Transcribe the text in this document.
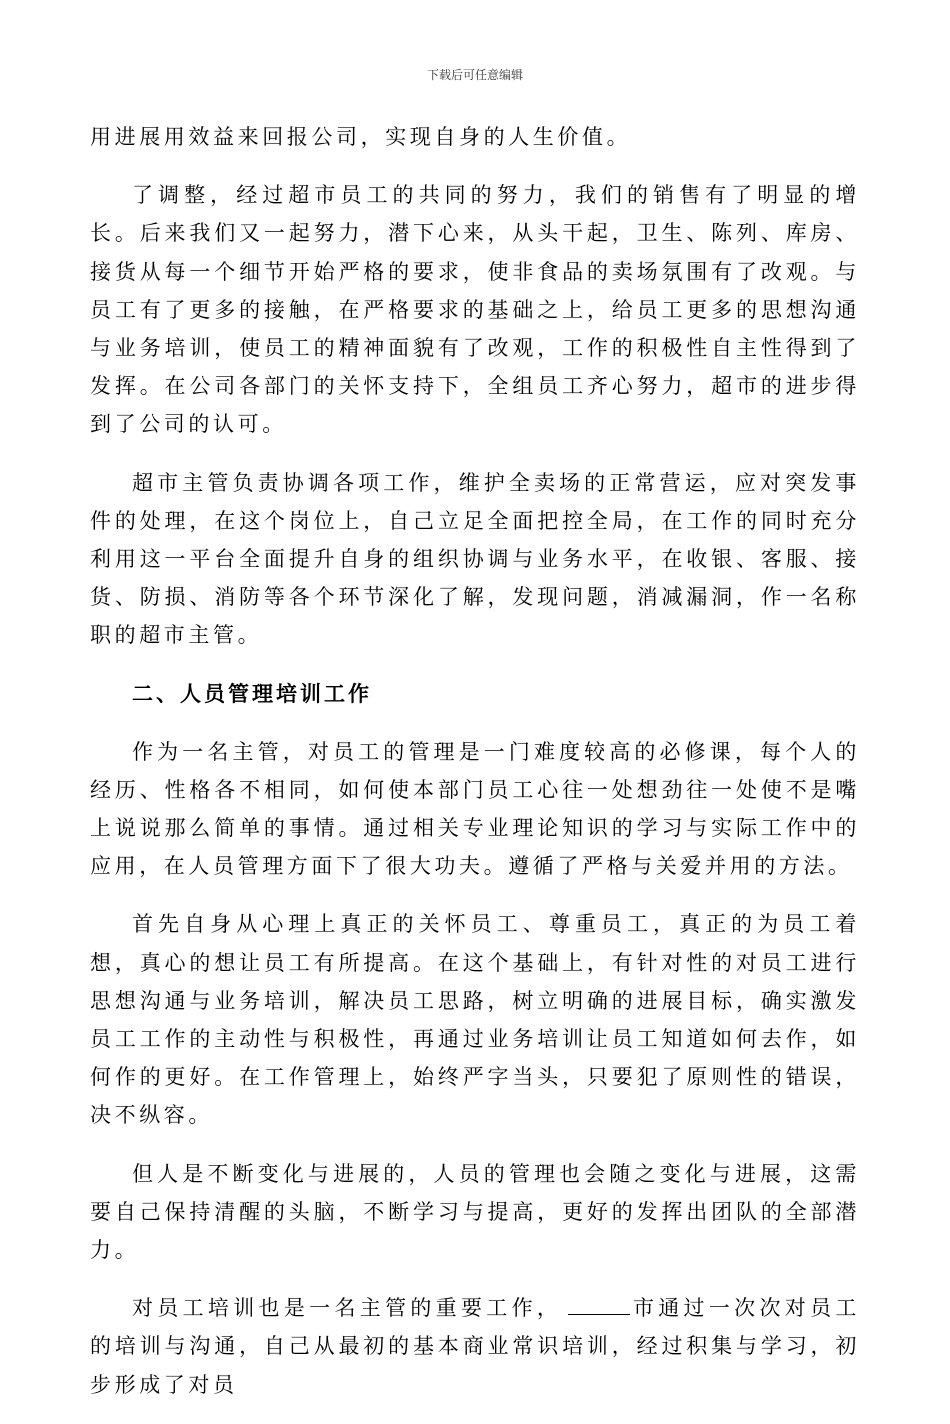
下载后可任意编辑

用进展用效益来回报公司，实现自身的人生价值。

了调整，经过超市员工的共同的努力，我们的销售有了明显的增长。后来我们又一起努力，潜下心来，从头干起，卫生、陈列、库房、接货从每一个细节开始严格的要求，使非食品的卖场氛围有了改观。与员工有了更多的接触，在严格要求的基础之上，给员工更多的思想沟通与业务培训，使员工的精神面貌有了改观，工作的积极性自主性得到了发挥。在公司各部门的关怀支持下，全组员工齐心努力，超市的进步得到了公司的认可。

超市主管负责协调各项工作，维护全卖场的正常营运，应对突发事件的处理，在这个岗位上，自己立足全面把控全局，在工作的同时充分利用这一平台全面提升自身的组织协调与业务水平，在收银、客服、接货、防损、消防等各个环节深化了解，发现问题，消减漏洞，作一名称职的超市主管。

二、人员管理培训工作

作为一名主管，对员工的管理是一门难度较高的必修课，每个人的经历、性格各不相同，如何使本部门员工心往一处想劲往一处使不是嘴上说说那么简单的事情。通过相关专业理论知识的学习与实际工作中的应用，在人员管理方面下了很大功夫。遵循了严格与关爱并用的方法。

首先自身从心理上真正的关怀员工、尊重员工，真正的为员工着想，真心的想让员工有所提高。在这个基础上，有针对性的对员工进行思想沟通与业务培训，解决员工思路，树立明确的进展目标，确实激发员工工作的主动性与积极性，再通过业务培训让员工知道如何去作，如何作的更好。在工作管理上，始终严字当头，只要犯了原则性的错误，决不纵容。

但人是不断变化与进展的，人员的管理也会随之变化与进展，这需要自己保持清醒的头脑，不断学习与提高，更好的发挥出团队的全部潜力。

对员工培训也是一名主管的重要工作，	市通过一次次对员工的培训与沟通，自己从最初的基本商业常识培训，经过积集与学习，初步形成了对员
